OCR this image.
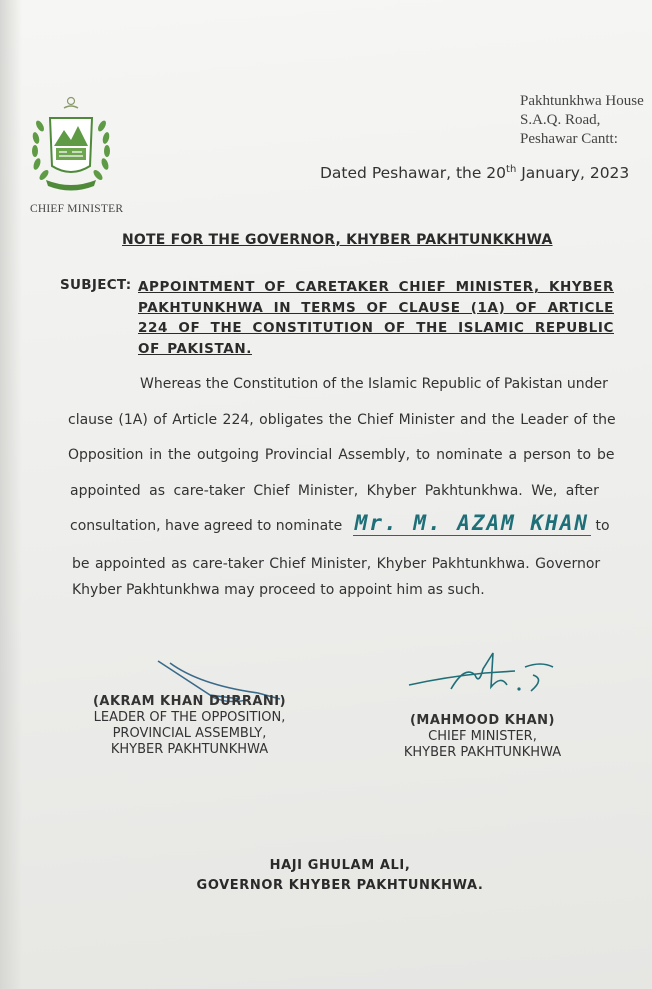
CHIEF MINISTER
Pakhtunkhwa House
S.A.Q. Road,
Peshawar Cantt:
Dated Peshawar, the 20th January, 2023
NOTE FOR THE GOVERNOR, KHYBER PAKHTUNKKHWA
SUBJECT: APPOINTMENT OF CARETAKER CHIEF MINISTER, KHYBER PAKHTUNKHWA IN TERMS OF CLAUSE (1A) OF ARTICLE 224 OF THE CONSTITUTION OF THE ISLAMIC REPUBLIC OF PAKISTAN.
Whereas the Constitution of the Islamic Republic of Pakistan under
clause (1A) of Article 224, obligates the Chief Minister and the Leader of the
Opposition in the outgoing Provincial Assembly, to nominate a person to be
appointed as care-taker Chief Minister, Khyber Pakhtunkhwa. We, after
consultation, have agreed to nominate Mr. M. AZAM KHAN to
be appointed as care-taker Chief Minister, Khyber Pakhtunkhwa. Governor
Khyber Pakhtunkhwa may proceed to appoint him as such.
(AKRAM KHAN DURRANI)
LEADER OF THE OPPOSITION,
PROVINCIAL ASSEMBLY,
KHYBER PAKHTUNKHWA
(MAHMOOD KHAN)
CHIEF MINISTER,
KHYBER PAKHTUNKHWA
HAJI GHULAM ALI,
GOVERNOR KHYBER PAKHTUNKHWA.
